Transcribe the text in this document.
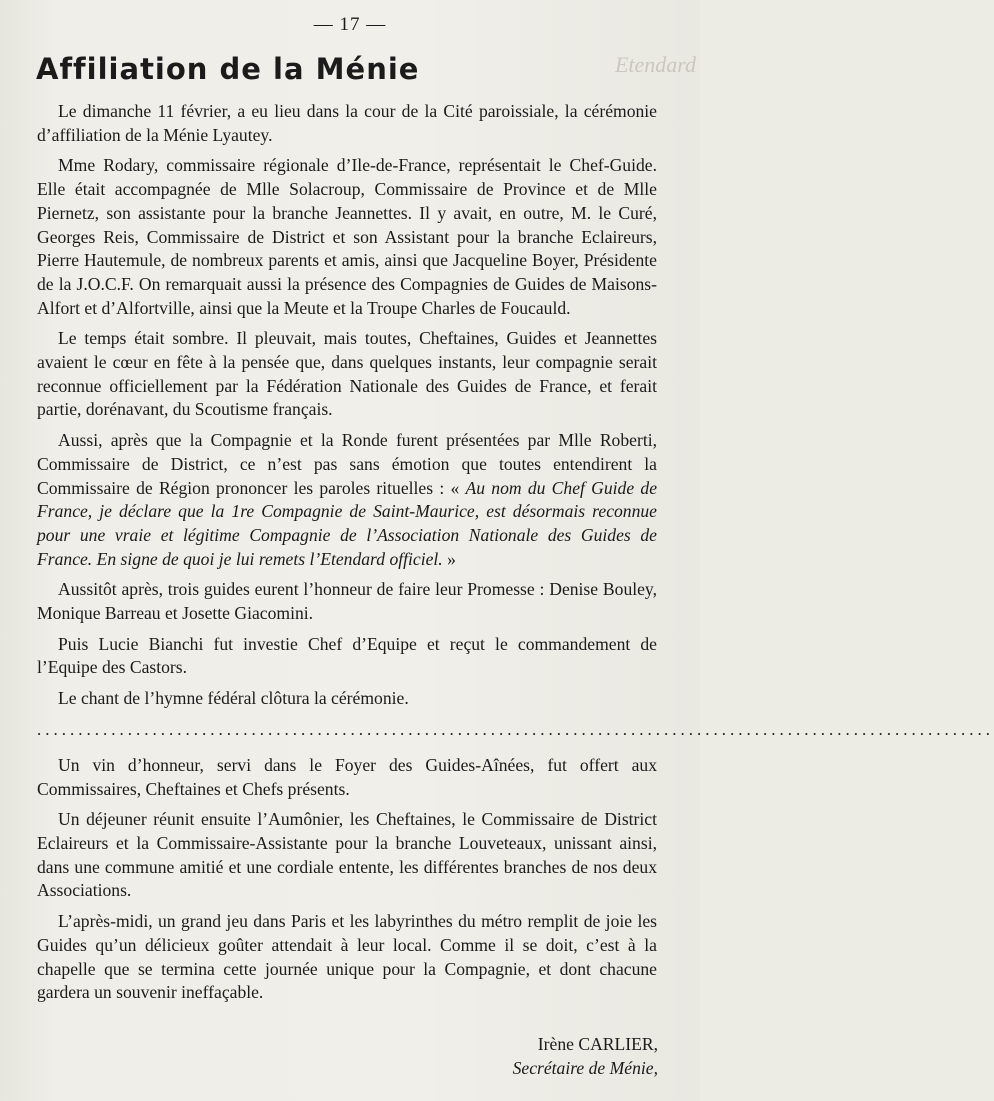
— 17 —
Etendard
Affiliation de la Ménie

Le dimanche 11 février, a eu lieu dans la cour de la Cité paroissiale, la cérémonie d’affiliation de la Ménie Lyautey.

Mme Rodary, commissaire régionale d’Ile-de-France, représentait le Chef-Guide. Elle était accompagnée de Mlle Solacroup, Commissaire de Province et de Mlle Piernetz, son assistante pour la branche Jeannettes. Il y avait, en outre, M. le Curé, Georges Reis, Commissaire de District et son Assistant pour la branche Eclaireurs, Pierre Hautemule, de nombreux parents et amis, ainsi que Jacqueline Boyer, Présidente de la J.O.C.F. On remarquait aussi la présence des Compagnies de Guides de Maisons-Alfort et d’Alfortville, ainsi que la Meute et la Troupe Charles de Foucauld.

Le temps était sombre. Il pleuvait, mais toutes, Cheftaines, Guides et Jeannettes avaient le cœur en fête à la pensée que, dans quelques instants, leur compagnie serait reconnue officiellement par la Fédération Nationale des Guides de France, et ferait partie, dorénavant, du Scoutisme français.

Aussi, après que la Compagnie et la Ronde furent présentées par Mlle Roberti, Commissaire de District, ce n’est pas sans émotion que toutes entendirent la Commissaire de Région prononcer les paroles rituelles : « Au nom du Chef Guide de France, je déclare que la 1re Compagnie de Saint-Maurice, est désormais reconnue pour une vraie et légitime Compagnie de l’Association Nationale des Guides de France. En signe de quoi je lui remets l’Etendard officiel. »

Aussitôt après, trois guides eurent l’honneur de faire leur Promesse : Denise Bouley, Monique Barreau et Josette Giacomini.

Puis Lucie Bianchi fut investie Chef d’Equipe et reçut le commandement de l’Equipe des Castors.

Le chant de l’hymne fédéral clôtura la cérémonie.

....................................................................................................................

Un vin d’honneur, servi dans le Foyer des Guides-Aînées, fut offert aux Commissaires, Cheftaines et Chefs présents.

Un déjeuner réunit ensuite l’Aumônier, les Cheftaines, le Commissaire de District Eclaireurs et la Commissaire-Assistante pour la branche Louveteaux, unissant ainsi, dans une commune amitié et une cordiale entente, les différentes branches de nos deux Associations.

L’après-midi, un grand jeu dans Paris et les labyrinthes du métro remplit de joie les Guides qu’un délicieux goûter attendait à leur local. Comme il se doit, c’est à la chapelle que se termina cette journée unique pour la Compagnie, et dont chacune gardera un souvenir ineffaçable.

Irène CARLIER,
Secrétaire de Ménie,
